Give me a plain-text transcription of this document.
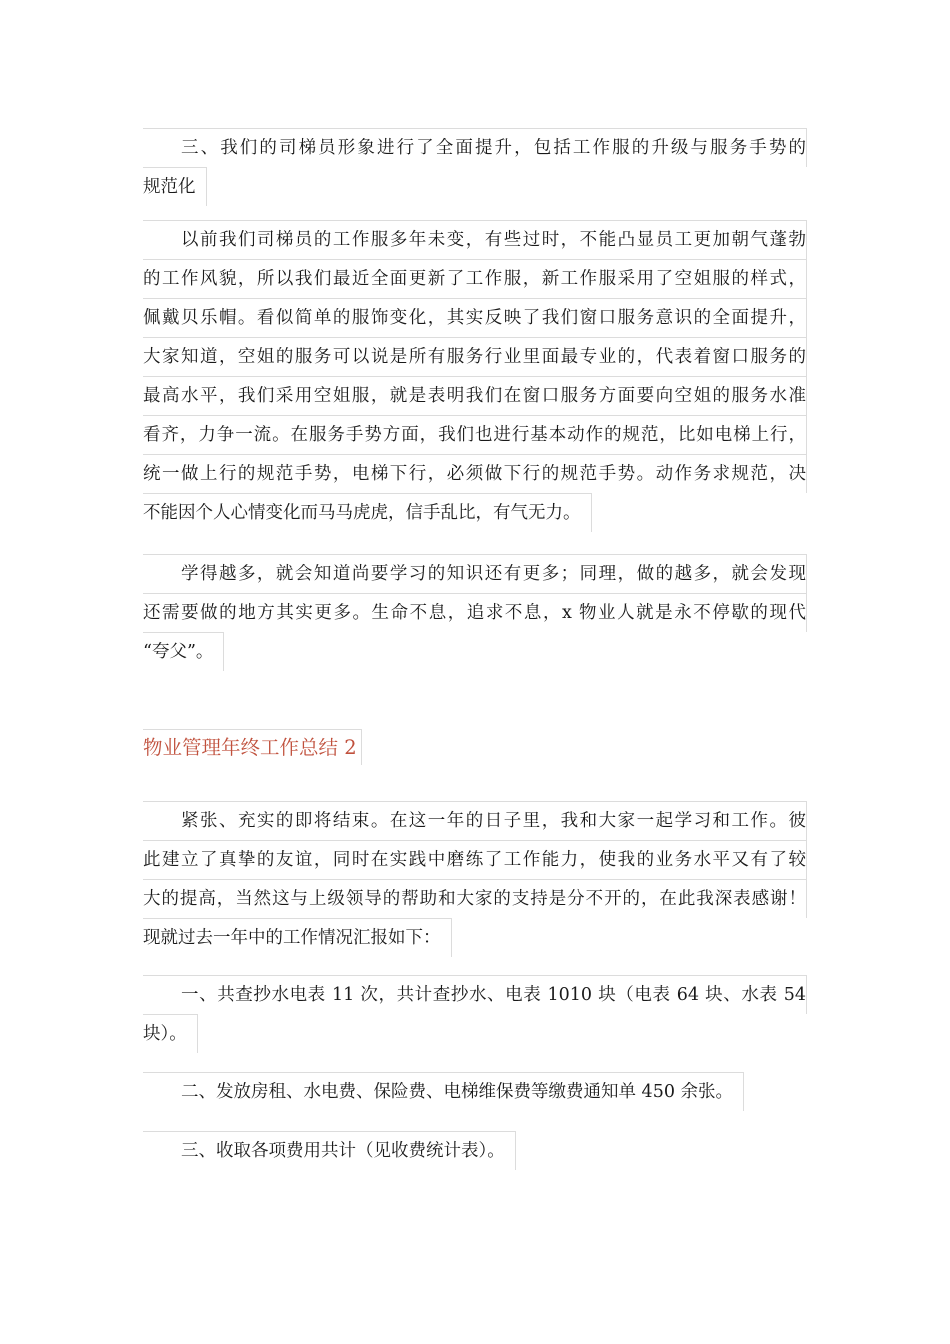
三、我们的司梯员形象进行了全面提升，包括工作服的升级与服务手势的
规范化
以前我们司梯员的工作服多年未变，有些过时，不能凸显员工更加朝气蓬勃
的工作风貌，所以我们最近全面更新了工作服，新工作服采用了空姐服的样式，
佩戴贝乐帽。看似简单的服饰变化，其实反映了我们窗口服务意识的全面提升，
大家知道，空姐的服务可以说是所有服务行业里面最专业的，代表着窗口服务的
最高水平，我们采用空姐服，就是表明我们在窗口服务方面要向空姐的服务水准
看齐，力争一流。在服务手势方面，我们也进行基本动作的规范，比如电梯上行，
统一做上行的规范手势，电梯下行，必须做下行的规范手势。动作务求规范，决
不能因个人心情变化而马马虎虎，信手乱比，有气无力。
学得越多，就会知道尚要学习的知识还有更多；同理，做的越多，就会发现
还需要做的地方其实更多。生命不息，追求不息，x 物业人就是永不停歇的现代
“夸父”。
物业管理年终工作总结 2
紧张、充实的即将结束。在这一年的日子里，我和大家一起学习和工作。彼
此建立了真挚的友谊，同时在实践中磨练了工作能力，使我的业务水平又有了较
大的提高，当然这与上级领导的帮助和大家的支持是分不开的，在此我深表感谢！
现就过去一年中的工作情况汇报如下：
一、共查抄水电表 11 次，共计查抄水、电表 1010 块（电表 64 块、水表 54
块）。
二、发放房租、水电费、保险费、电梯维保费等缴费通知单 450 余张。
三、收取各项费用共计（见收费统计表）。
